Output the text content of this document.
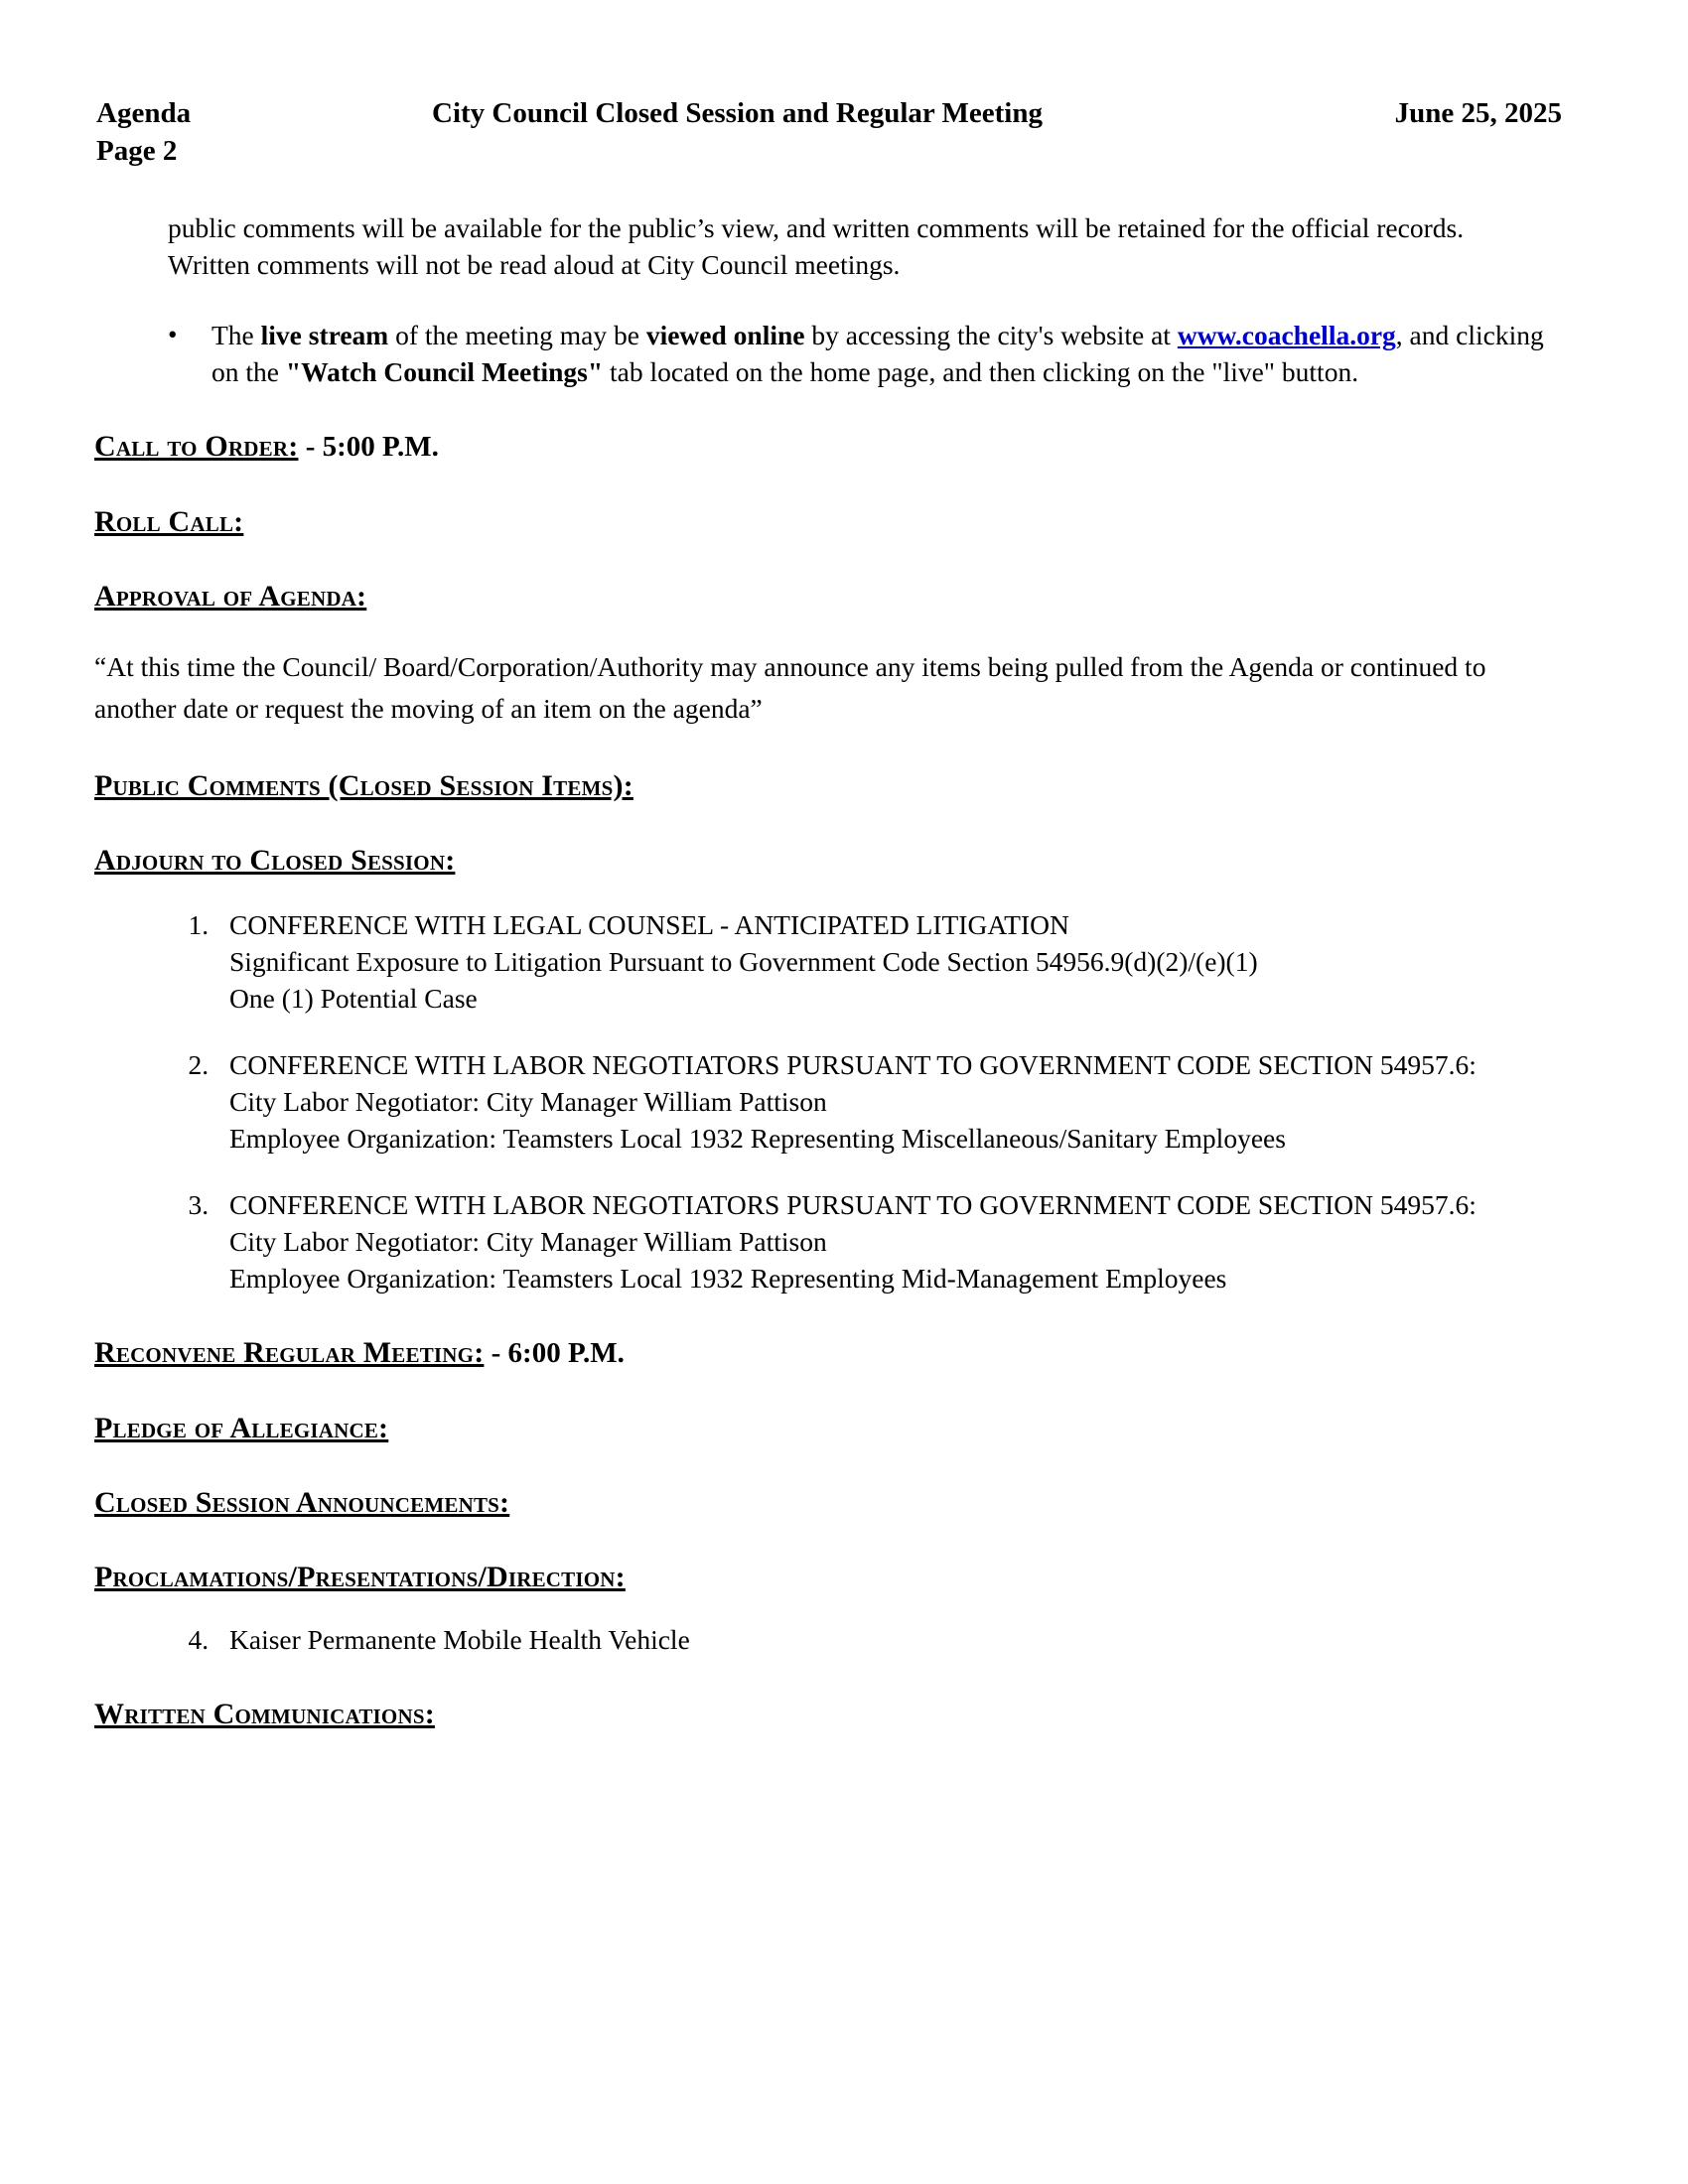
Agenda
Page 2
City Council Closed Session and Regular Meeting	June 25, 2025

public comments will be available for the public’s view, and written comments will be retained for the official records. Written comments will not be read aloud at City Council meetings.

• The live stream of the meeting may be viewed online by accessing the city's website at www.coachella.org, and clicking on the "Watch Council Meetings" tab located on the home page, and then clicking on the "live" button.
Call to Order: - 5:00 P.M.
Roll Call:
Approval of Agenda:

“At this time the Council/ Board/Corporation/Authority may announce any items being pulled from the Agenda or continued to another date or request the moving of an item on the agenda”

Public Comments (Closed Session Items):
Adjourn to Closed Session:
1. CONFERENCE WITH LEGAL COUNSEL - ANTICIPATED LITIGATION
Significant Exposure to Litigation Pursuant to Government Code Section 54956.9(d)(2)/(e)(1)
One (1) Potential Case
2. CONFERENCE WITH LABOR NEGOTIATORS PURSUANT TO GOVERNMENT CODE SECTION 54957.6:
City Labor Negotiator: City Manager William Pattison
Employee Organization: Teamsters Local 1932 Representing Miscellaneous/Sanitary Employees
3. CONFERENCE WITH LABOR NEGOTIATORS PURSUANT TO GOVERNMENT CODE SECTION 54957.6:
City Labor Negotiator: City Manager William Pattison
Employee Organization: Teamsters Local 1932 Representing Mid-Management Employees
Reconvene Regular Meeting: - 6:00 P.M.
Pledge of Allegiance:
Closed Session Announcements:
Proclamations/Presentations/Direction:
4. Kaiser Permanente Mobile Health Vehicle
Written Communications:
